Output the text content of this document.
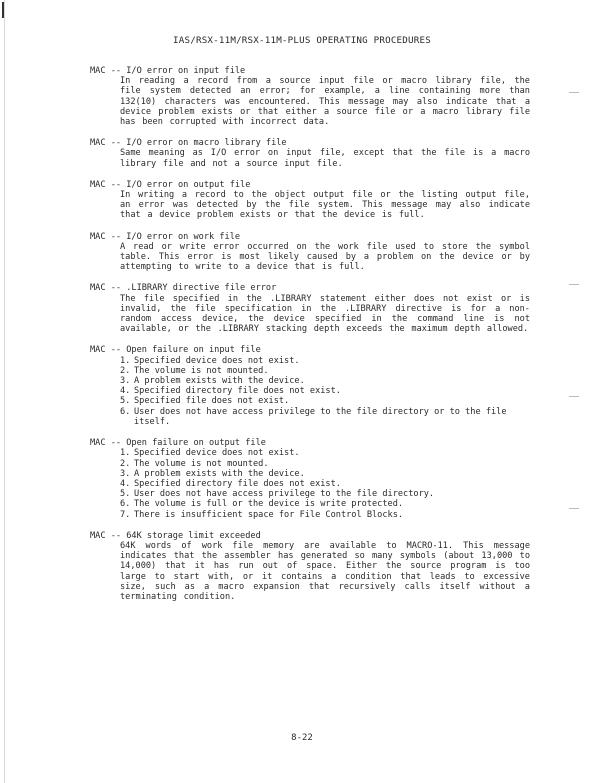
IAS/RSX-11M/RSX-11M-PLUS OPERATING PROCEDURES
MAC -- I/O error on input file
In reading a record from a source input file or macro library file, the file system detected an error; for example, a line containing more than 132(10) characters was encountered. This message may also indicate that a device problem exists or that either a source file or a macro library file has been corrupted with incorrect data.
MAC -- I/O error on macro library file
Same meaning as I/O error on input file, except that the file is a macro library file and not a source input file.
MAC -- I/O error on output file
In writing a record to the object output file or the listing output file, an error was detected by the file system. This message may also indicate that a device problem exists or that the device is full.
MAC -- I/O error on work file
A read or write error occurred on the work file used to store the symbol table. This error is most likely caused by a problem on the device or by attempting to write to a device that is full.
MAC -- .LIBRARY directive file error
The file specified in the .LIBRARY statement either does not exist or is invalid, the file specification in the .LIBRARY directive is for a non-random access device, the device specified in the command line is not available, or the .LIBRARY stacking depth exceeds the maximum depth allowed.
MAC -- Open failure on input file
1. Specified device does not exist.
2. The volume is not mounted.
3. A problem exists with the device.
4. Specified directory file does not exist.
5. Specified file does not exist.
6. User does not have access privilege to the file directory or to the file itself.
MAC -- Open failure on output file
1. Specified device does not exist.
2. The volume is not mounted.
3. A problem exists with the device.
4. Specified directory file does not exist.
5. User does not have access privilege to the file directory.
6. The volume is full or the device is write protected.
7. There is insufficient space for File Control Blocks.
MAC -- 64K storage limit exceeded
64K words of work file memory are available to MACRO-11. This message indicates that the assembler has generated so many symbols (about 13,000 to 14,000) that it has run out of space. Either the source program is too large to start with, or it contains a condition that leads to excessive size, such as a macro expansion that recursively calls itself without a terminating condition.
8-22
